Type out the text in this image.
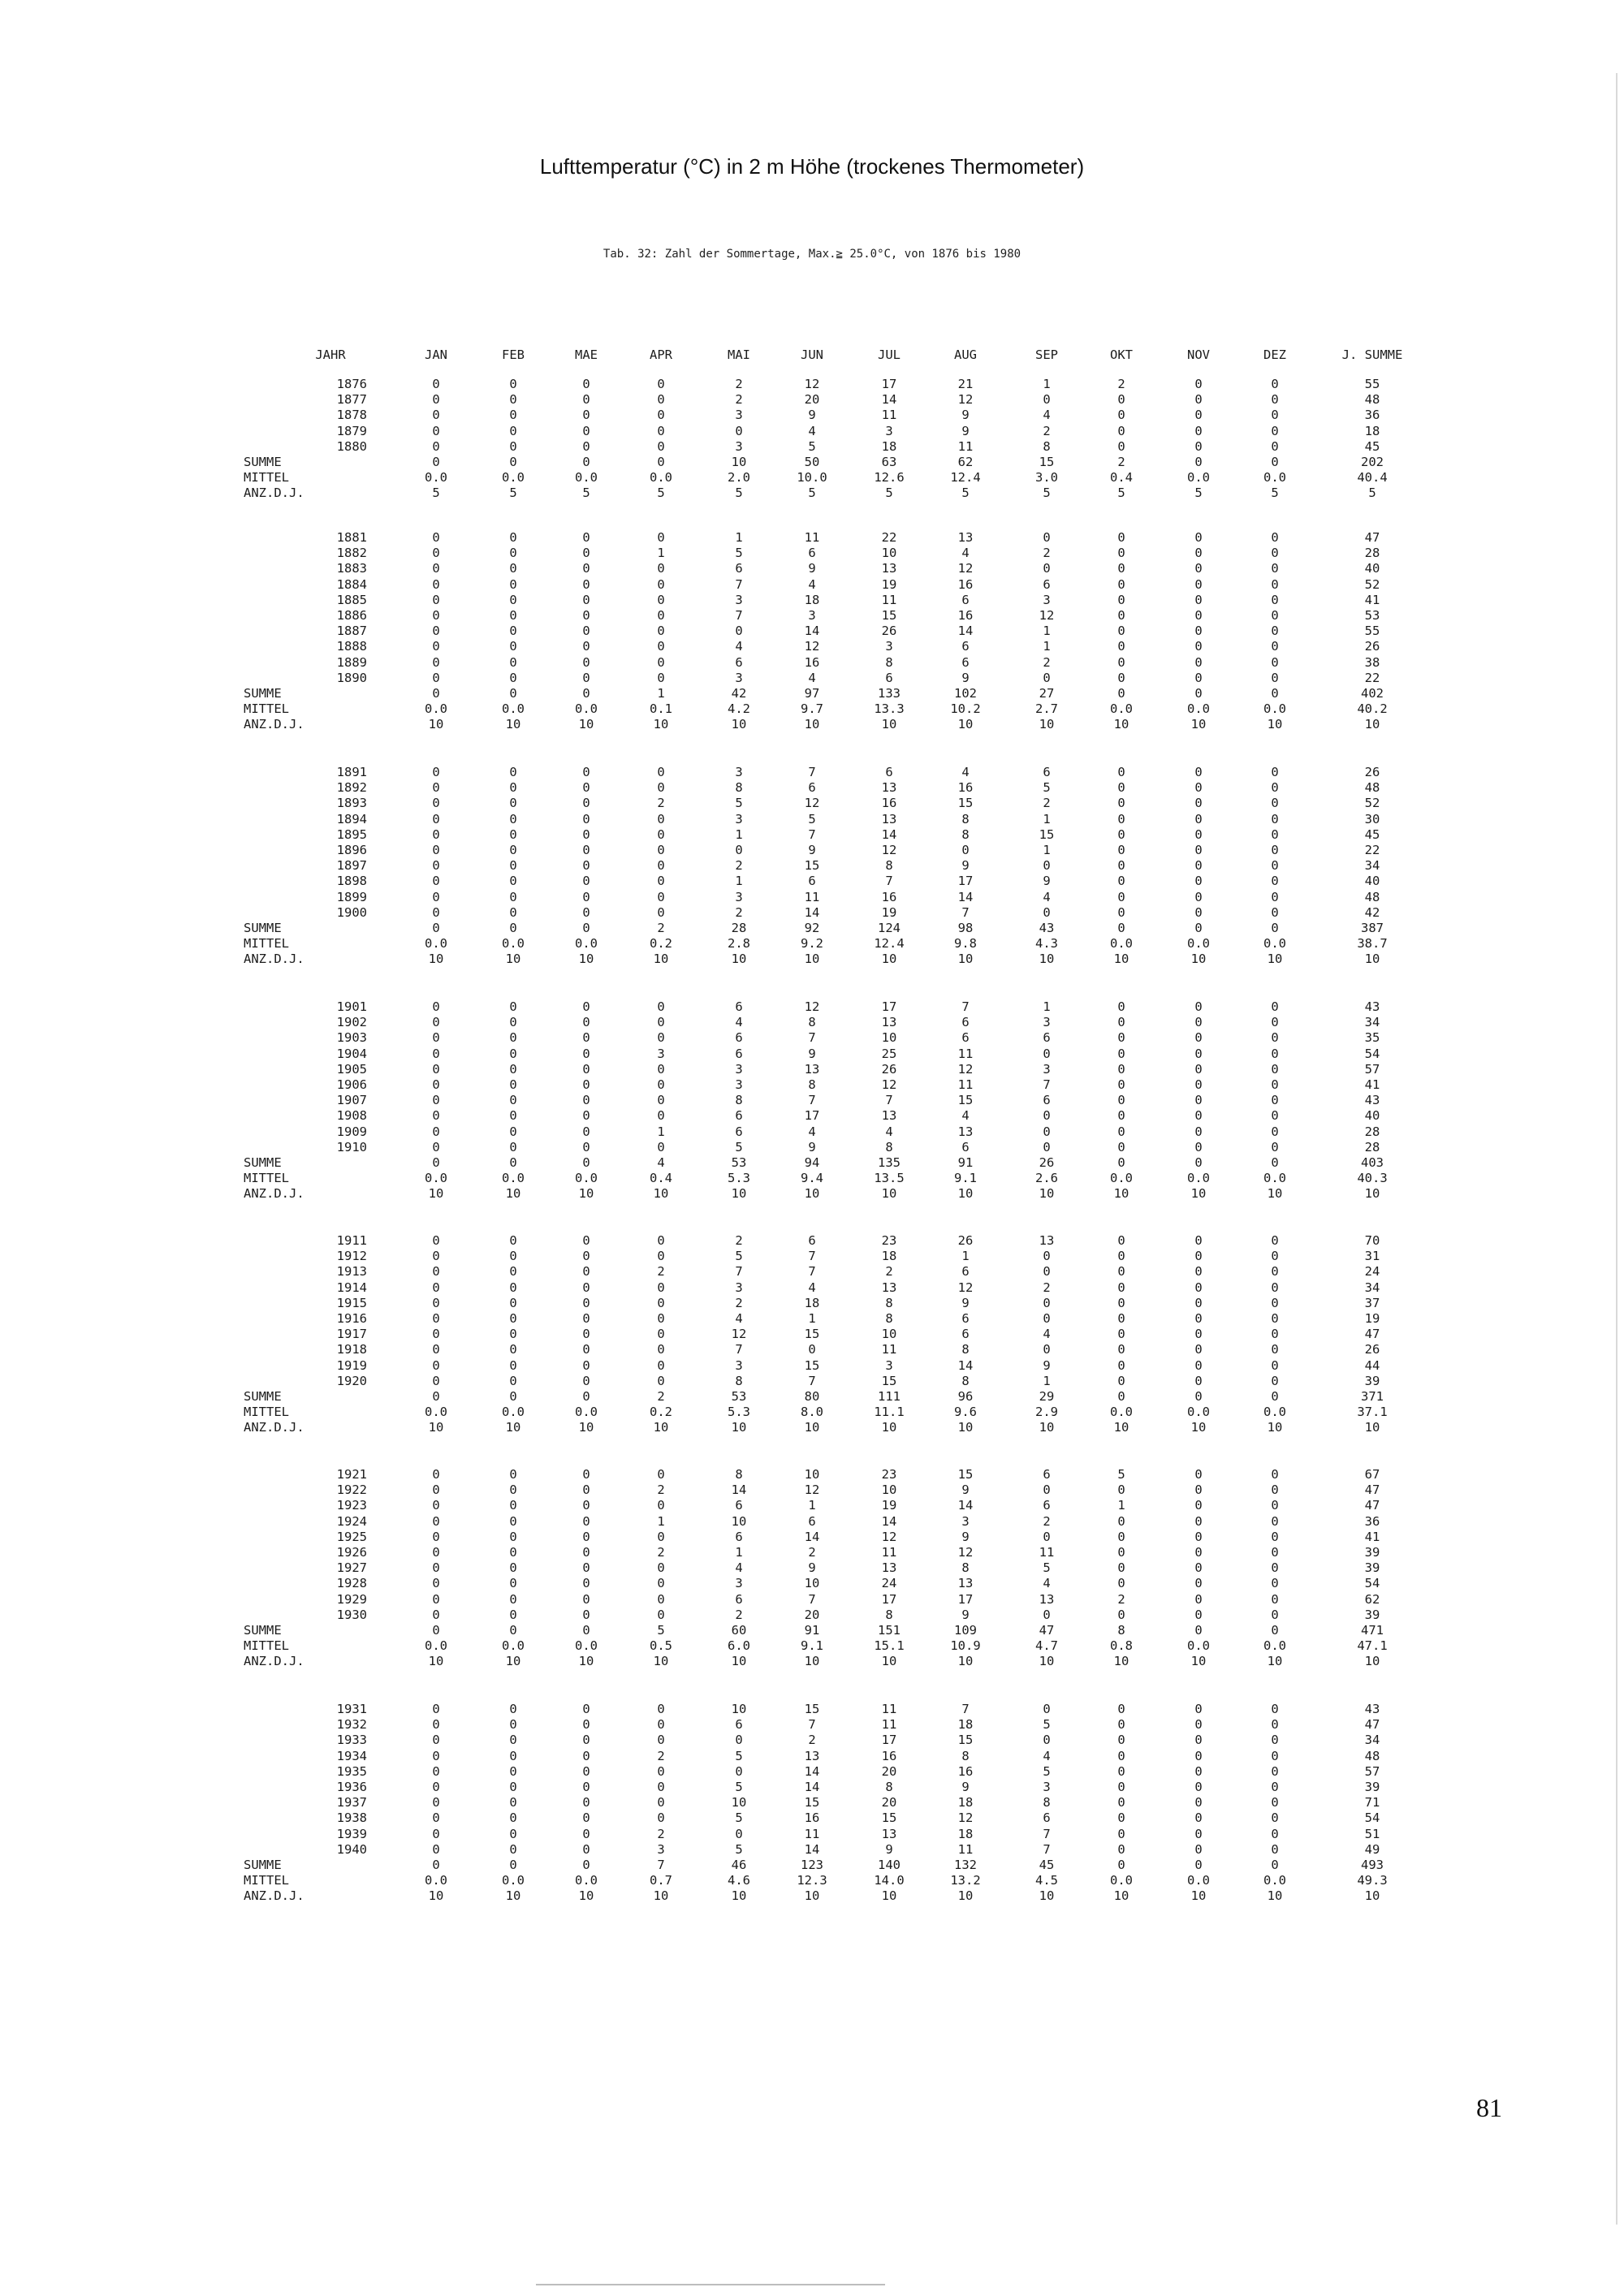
Lufttemperatur (°C) in 2 m Höhe (trockenes Thermometer)
Tab. 32: Zahl der Sommertage, Max.≧ 25.0°C, von 1876 bis 1980
JAHR	JAN	FEB	MAE	APR	MAI	JUN	JUL	AUG	SEP	OKT	NOV	DEZ	J. SUMME
1876	0	0	0	0	2	12	17	21	1	2	0	0	55
1877	0	0	0	0	2	20	14	12	0	0	0	0	48
1878	0	0	0	0	3	9	11	9	4	0	0	0	36
1879	0	0	0	0	0	4	3	9	2	0	0	0	18
1880	0	0	0	0	3	5	18	11	8	0	0	0	45
SUMME	0	0	0	0	10	50	63	62	15	2	0	0	202
MITTEL	0.0	0.0	0.0	0.0	2.0	10.0	12.6	12.4	3.0	0.4	0.0	0.0	40.4
ANZ.D.J.	5	5	5	5	5	5	5	5	5	5	5	5	5
1881	0	0	0	0	1	11	22	13	0	0	0	0	47
1882	0	0	0	1	5	6	10	4	2	0	0	0	28
1883	0	0	0	0	6	9	13	12	0	0	0	0	40
1884	0	0	0	0	7	4	19	16	6	0	0	0	52
1885	0	0	0	0	3	18	11	6	3	0	0	0	41
1886	0	0	0	0	7	3	15	16	12	0	0	0	53
1887	0	0	0	0	0	14	26	14	1	0	0	0	55
1888	0	0	0	0	4	12	3	6	1	0	0	0	26
1889	0	0	0	0	6	16	8	6	2	0	0	0	38
1890	0	0	0	0	3	4	6	9	0	0	0	0	22
SUMME	0	0	0	1	42	97	133	102	27	0	0	0	402
MITTEL	0.0	0.0	0.0	0.1	4.2	9.7	13.3	10.2	2.7	0.0	0.0	0.0	40.2
ANZ.D.J.	10	10	10	10	10	10	10	10	10	10	10	10	10
1891	0	0	0	0	3	7	6	4	6	0	0	0	26
1892	0	0	0	0	8	6	13	16	5	0	0	0	48
1893	0	0	0	2	5	12	16	15	2	0	0	0	52
1894	0	0	0	0	3	5	13	8	1	0	0	0	30
1895	0	0	0	0	1	7	14	8	15	0	0	0	45
1896	0	0	0	0	0	9	12	0	1	0	0	0	22
1897	0	0	0	0	2	15	8	9	0	0	0	0	34
1898	0	0	0	0	1	6	7	17	9	0	0	0	40
1899	0	0	0	0	3	11	16	14	4	0	0	0	48
1900	0	0	0	0	2	14	19	7	0	0	0	0	42
SUMME	0	0	0	2	28	92	124	98	43	0	0	0	387
MITTEL	0.0	0.0	0.0	0.2	2.8	9.2	12.4	9.8	4.3	0.0	0.0	0.0	38.7
ANZ.D.J.	10	10	10	10	10	10	10	10	10	10	10	10	10
1901	0	0	0	0	6	12	17	7	1	0	0	0	43
1902	0	0	0	0	4	8	13	6	3	0	0	0	34
1903	0	0	0	0	6	7	10	6	6	0	0	0	35
1904	0	0	0	3	6	9	25	11	0	0	0	0	54
1905	0	0	0	0	3	13	26	12	3	0	0	0	57
1906	0	0	0	0	3	8	12	11	7	0	0	0	41
1907	0	0	0	0	8	7	7	15	6	0	0	0	43
1908	0	0	0	0	6	17	13	4	0	0	0	0	40
1909	0	0	0	1	6	4	4	13	0	0	0	0	28
1910	0	0	0	0	5	9	8	6	0	0	0	0	28
SUMME	0	0	0	4	53	94	135	91	26	0	0	0	403
MITTEL	0.0	0.0	0.0	0.4	5.3	9.4	13.5	9.1	2.6	0.0	0.0	0.0	40.3
ANZ.D.J.	10	10	10	10	10	10	10	10	10	10	10	10	10
1911	0	0	0	0	2	6	23	26	13	0	0	0	70
1912	0	0	0	0	5	7	18	1	0	0	0	0	31
1913	0	0	0	2	7	7	2	6	0	0	0	0	24
1914	0	0	0	0	3	4	13	12	2	0	0	0	34
1915	0	0	0	0	2	18	8	9	0	0	0	0	37
1916	0	0	0	0	4	1	8	6	0	0	0	0	19
1917	0	0	0	0	12	15	10	6	4	0	0	0	47
1918	0	0	0	0	7	0	11	8	0	0	0	0	26
1919	0	0	0	0	3	15	3	14	9	0	0	0	44
1920	0	0	0	0	8	7	15	8	1	0	0	0	39
SUMME	0	0	0	2	53	80	111	96	29	0	0	0	371
MITTEL	0.0	0.0	0.0	0.2	5.3	8.0	11.1	9.6	2.9	0.0	0.0	0.0	37.1
ANZ.D.J.	10	10	10	10	10	10	10	10	10	10	10	10	10
1921	0	0	0	0	8	10	23	15	6	5	0	0	67
1922	0	0	0	2	14	12	10	9	0	0	0	0	47
1923	0	0	0	0	6	1	19	14	6	1	0	0	47
1924	0	0	0	1	10	6	14	3	2	0	0	0	36
1925	0	0	0	0	6	14	12	9	0	0	0	0	41
1926	0	0	0	2	1	2	11	12	11	0	0	0	39
1927	0	0	0	0	4	9	13	8	5	0	0	0	39
1928	0	0	0	0	3	10	24	13	4	0	0	0	54
1929	0	0	0	0	6	7	17	17	13	2	0	0	62
1930	0	0	0	0	2	20	8	9	0	0	0	0	39
SUMME	0	0	0	5	60	91	151	109	47	8	0	0	471
MITTEL	0.0	0.0	0.0	0.5	6.0	9.1	15.1	10.9	4.7	0.8	0.0	0.0	47.1
ANZ.D.J.	10	10	10	10	10	10	10	10	10	10	10	10	10
1931	0	0	0	0	10	15	11	7	0	0	0	0	43
1932	0	0	0	0	6	7	11	18	5	0	0	0	47
1933	0	0	0	0	0	2	17	15	0	0	0	0	34
1934	0	0	0	2	5	13	16	8	4	0	0	0	48
1935	0	0	0	0	0	14	20	16	5	0	0	0	57
1936	0	0	0	0	5	14	8	9	3	0	0	0	39
1937	0	0	0	0	10	15	20	18	8	0	0	0	71
1938	0	0	0	0	5	16	15	12	6	0	0	0	54
1939	0	0	0	2	0	11	13	18	7	0	0	0	51
1940	0	0	0	3	5	14	9	11	7	0	0	0	49
SUMME	0	0	0	7	46	123	140	132	45	0	0	0	493
MITTEL	0.0	0.0	0.0	0.7	4.6	12.3	14.0	13.2	4.5	0.0	0.0	0.0	49.3
ANZ.D.J.	10	10	10	10	10	10	10	10	10	10	10	10	10
81
